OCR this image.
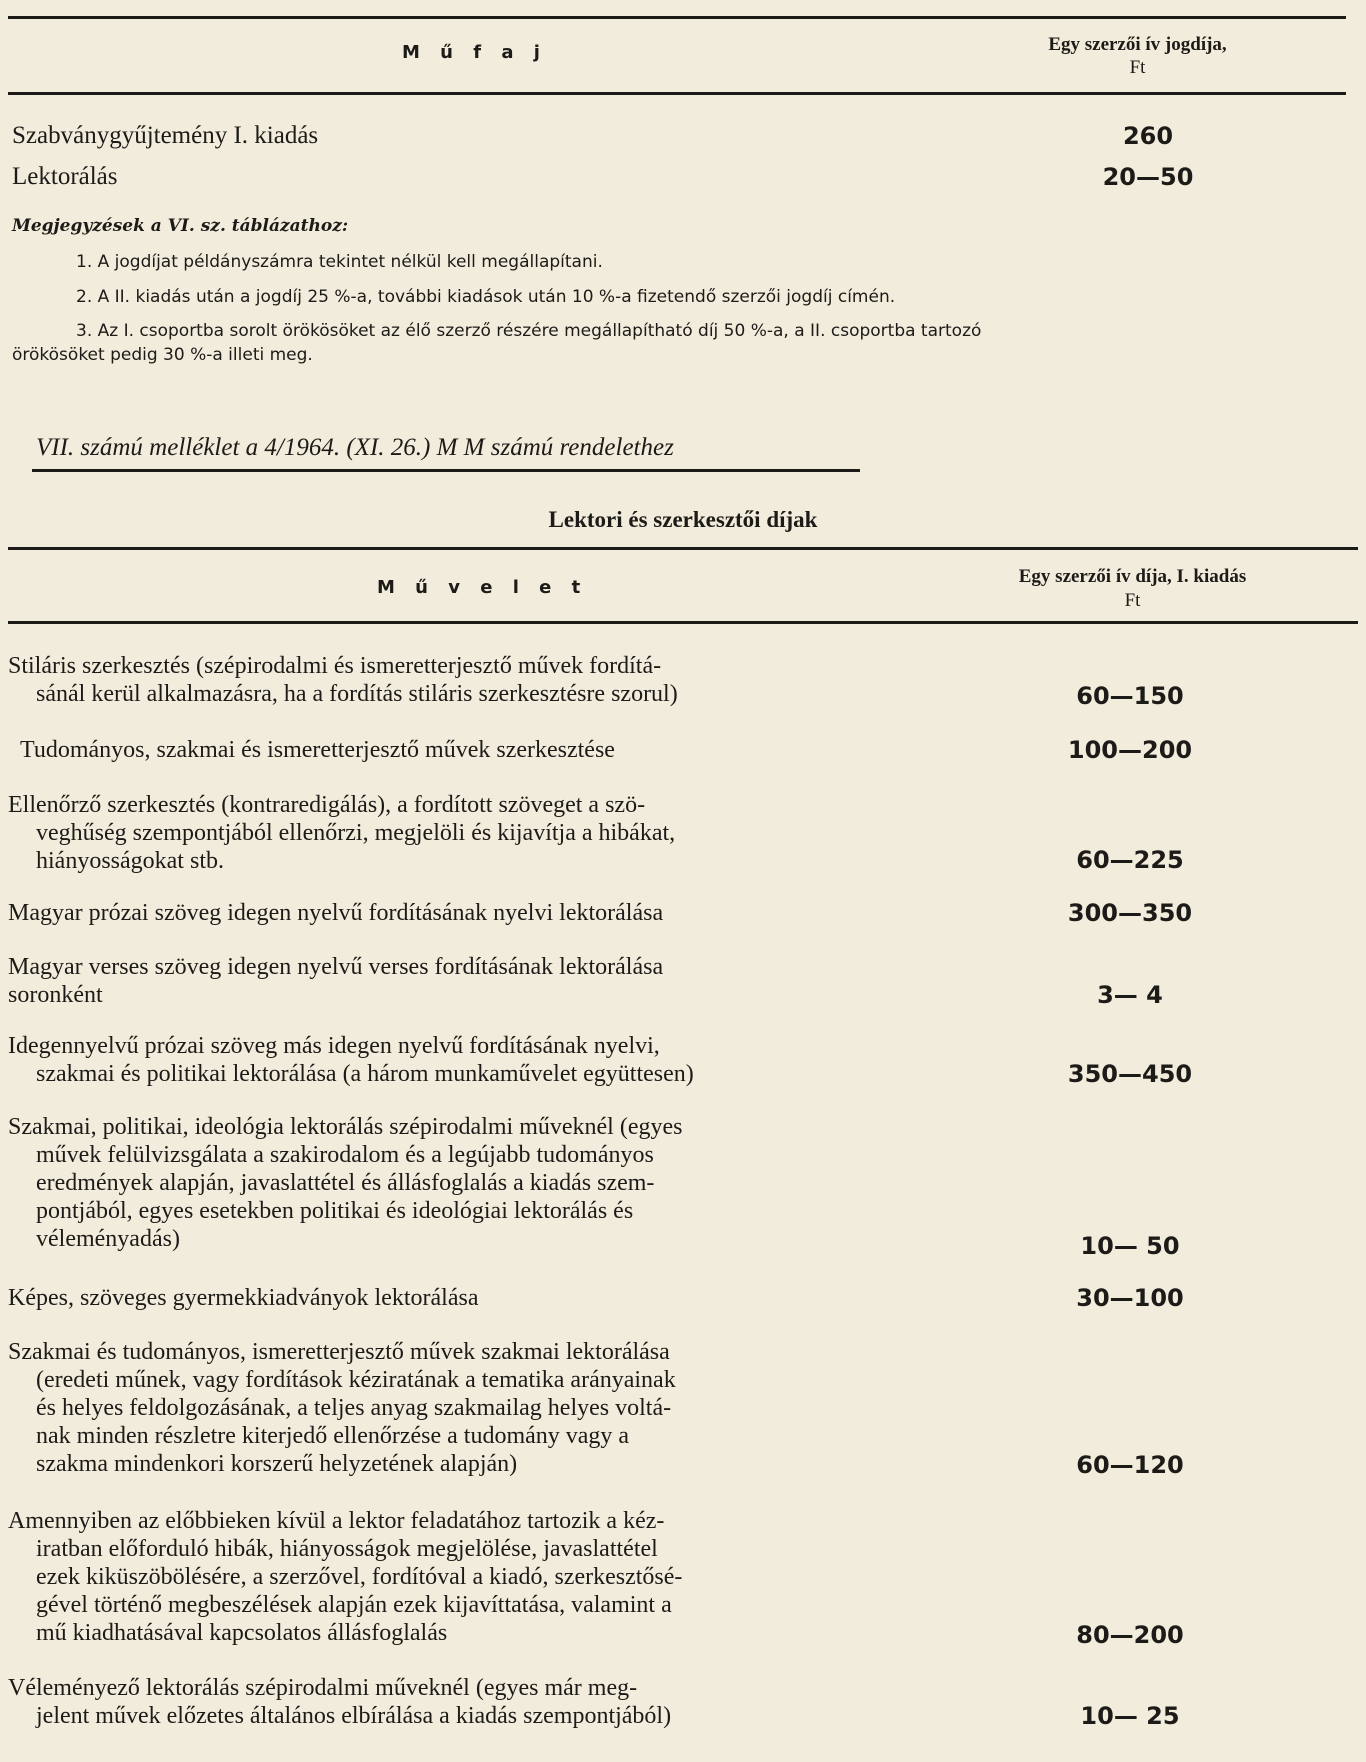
M ű f a j	Egy szerzői ív jogdíja,
Ft
Szabványgyűjtemény I. kiadás	260
Lektorálás	20—50
Megjegyzések a VI. sz. táblázathoz:
1. A jogdíjat példányszámra tekintet nélkül kell megállapítani.
2. A II. kiadás után a jogdíj 25 %-a, további kiadások után 10 %-a fizetendő szerzői jogdíj címén.
3. Az I. csoportba sorolt örökösöket az élő szerző részére megállapítható díj 50 %-a, a II. csoportba tartozó
örökösöket pedig 30 %-a illeti meg.
VII. számú melléklet a 4/1964. (XI. 26.) M M számú rendelethez
Lektori és szerkesztői díjak
M ű v e l e t
Egy szerzői ív díja, I. kiadás
Ft
Stiláris szerkesztés (szépirodalmi és ismeretterjesztő művek fordítá-
sánál kerül alkalmazásra, ha a fordítás stiláris szerkesztésre szorul)	60—150
Tudományos, szakmai és ismeretterjesztő művek szerkesztése	100—200
Ellenőrző szerkesztés (kontraredigálás), a fordított szöveget a szö-
veghűség szempontjából ellenőrzi, megjelöli és kijavítja a hibákat,
hiányosságokat stb.	60—225
Magyar prózai szöveg idegen nyelvű fordításának nyelvi lektorálása	300—350
Magyar verses szöveg idegen nyelvű verses fordításának lektorálása
soronként	3— 4
Idegennyelvű prózai szöveg más idegen nyelvű fordításának nyelvi,
szakmai és politikai lektorálása (a három munkaművelet együttesen)	350—450
Szakmai, politikai, ideológia lektorálás szépirodalmi műveknél (egyes
művek felülvizsgálata a szakirodalom és a legújabb tudományos
eredmények alapján, javaslattétel és állásfoglalás a kiadás szem-
pontjából, egyes esetekben politikai és ideológiai lektorálás és
véleményadás)	10— 50
Képes, szöveges gyermekkiadványok lektorálása	30—100
Szakmai és tudományos, ismeretterjesztő művek szakmai lektorálása
(eredeti műnek, vagy fordítások kéziratának a tematika arányainak
és helyes feldolgozásának, a teljes anyag szakmailag helyes voltá-
nak minden részletre kiterjedő ellenőrzése a tudomány vagy a
szakma mindenkori korszerű helyzetének alapján)	60—120
Amennyiben az előbbieken kívül a lektor feladatához tartozik a kéz-
iratban előforduló hibák, hiányosságok megjelölése, javaslattétel
ezek kiküszöbölésére, a szerzővel, fordítóval a kiadó, szerkesztősé-
gével történő megbeszélések alapján ezek kijavíttatása, valamint a
mű kiadhatásával kapcsolatos állásfoglalás	80—200
Véleményező lektorálás szépirodalmi műveknél (egyes már meg-
jelent művek előzetes általános elbírálása a kiadás szempontjából)	10— 25
